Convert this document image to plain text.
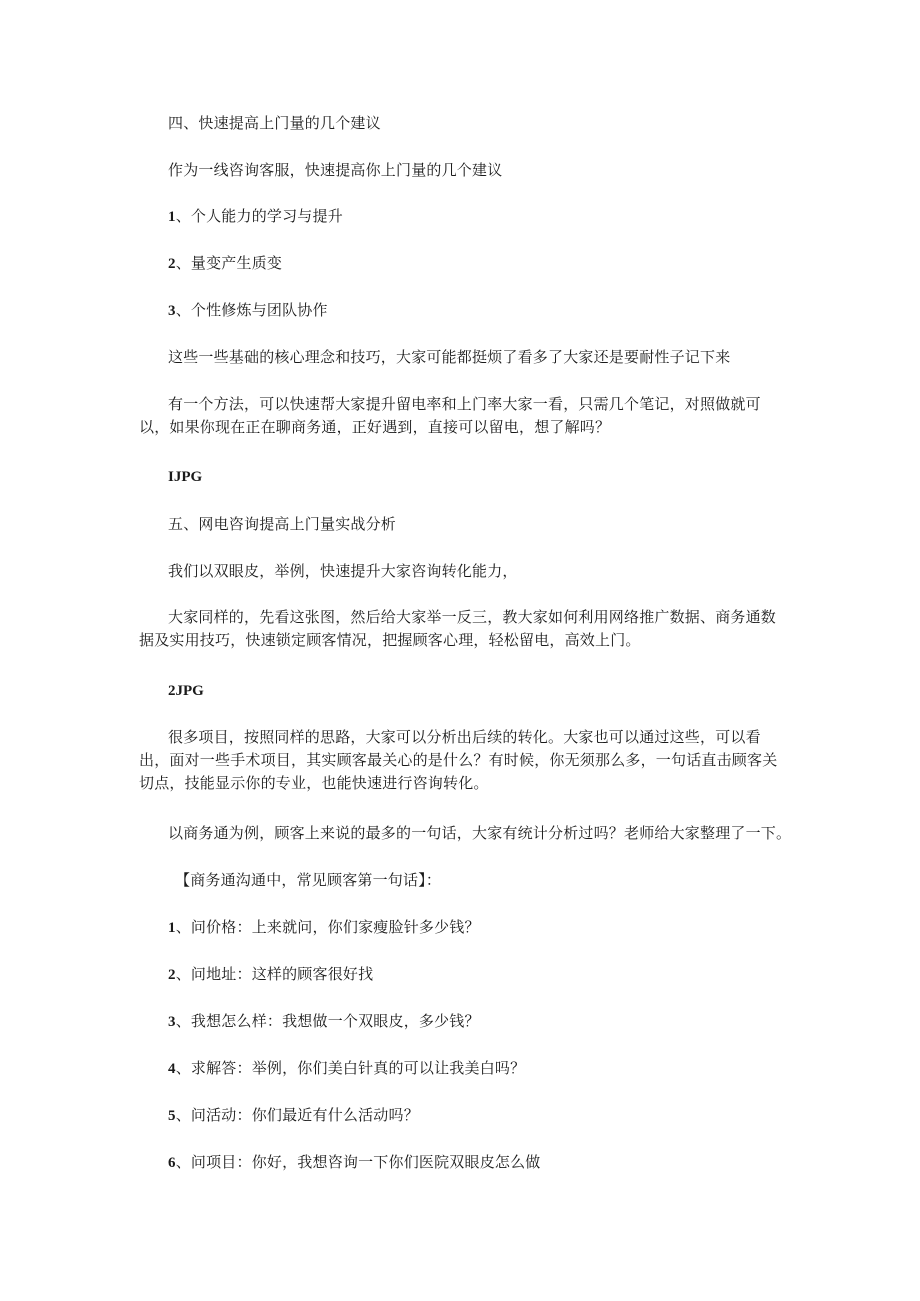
四、快速提高上门量的几个建议
作为一线咨询客服，快速提高你上门量的几个建议
1、个人能力的学习与提升
2、量变产生质变
3、个性修炼与团队协作
这些一些基础的核心理念和技巧，大家可能都挺烦了看多了大家还是要耐性子记下来
有一个方法，可以快速帮大家提升留电率和上门率大家一看，只需几个笔记，对照做就可以，如果你现在正在聊商务通，正好遇到，直接可以留电，想了解吗？
IJPG
五、网电咨询提高上门量实战分析
我们以双眼皮，举例，快速提升大家咨询转化能力，
大家同样的，先看这张图，然后给大家举一反三，教大家如何利用网络推广数据、商务通数据及实用技巧，快速锁定顾客情况，把握顾客心理，轻松留电，高效上门。
2JPG
很多项目，按照同样的思路，大家可以分析出后续的转化。大家也可以通过这些，可以看出，面对一些手术项目，其实顾客最关心的是什么？有时候，你无须那么多，一句话直击顾客关切点，技能显示你的专业，也能快速进行咨询转化。
以商务通为例，顾客上来说的最多的一句话，大家有统计分析过吗？老师给大家整理了一下。
【商务通沟通中，常见顾客第一句话】：
1、问价格：上来就问，你们家瘦脸针多少钱？
2、问地址：这样的顾客很好找
3、我想怎么样：我想做一个双眼皮，多少钱？
4、求解答：举例，你们美白针真的可以让我美白吗？
5、问活动：你们最近有什么活动吗？
6、问项目：你好，我想咨询一下你们医院双眼皮怎么做
